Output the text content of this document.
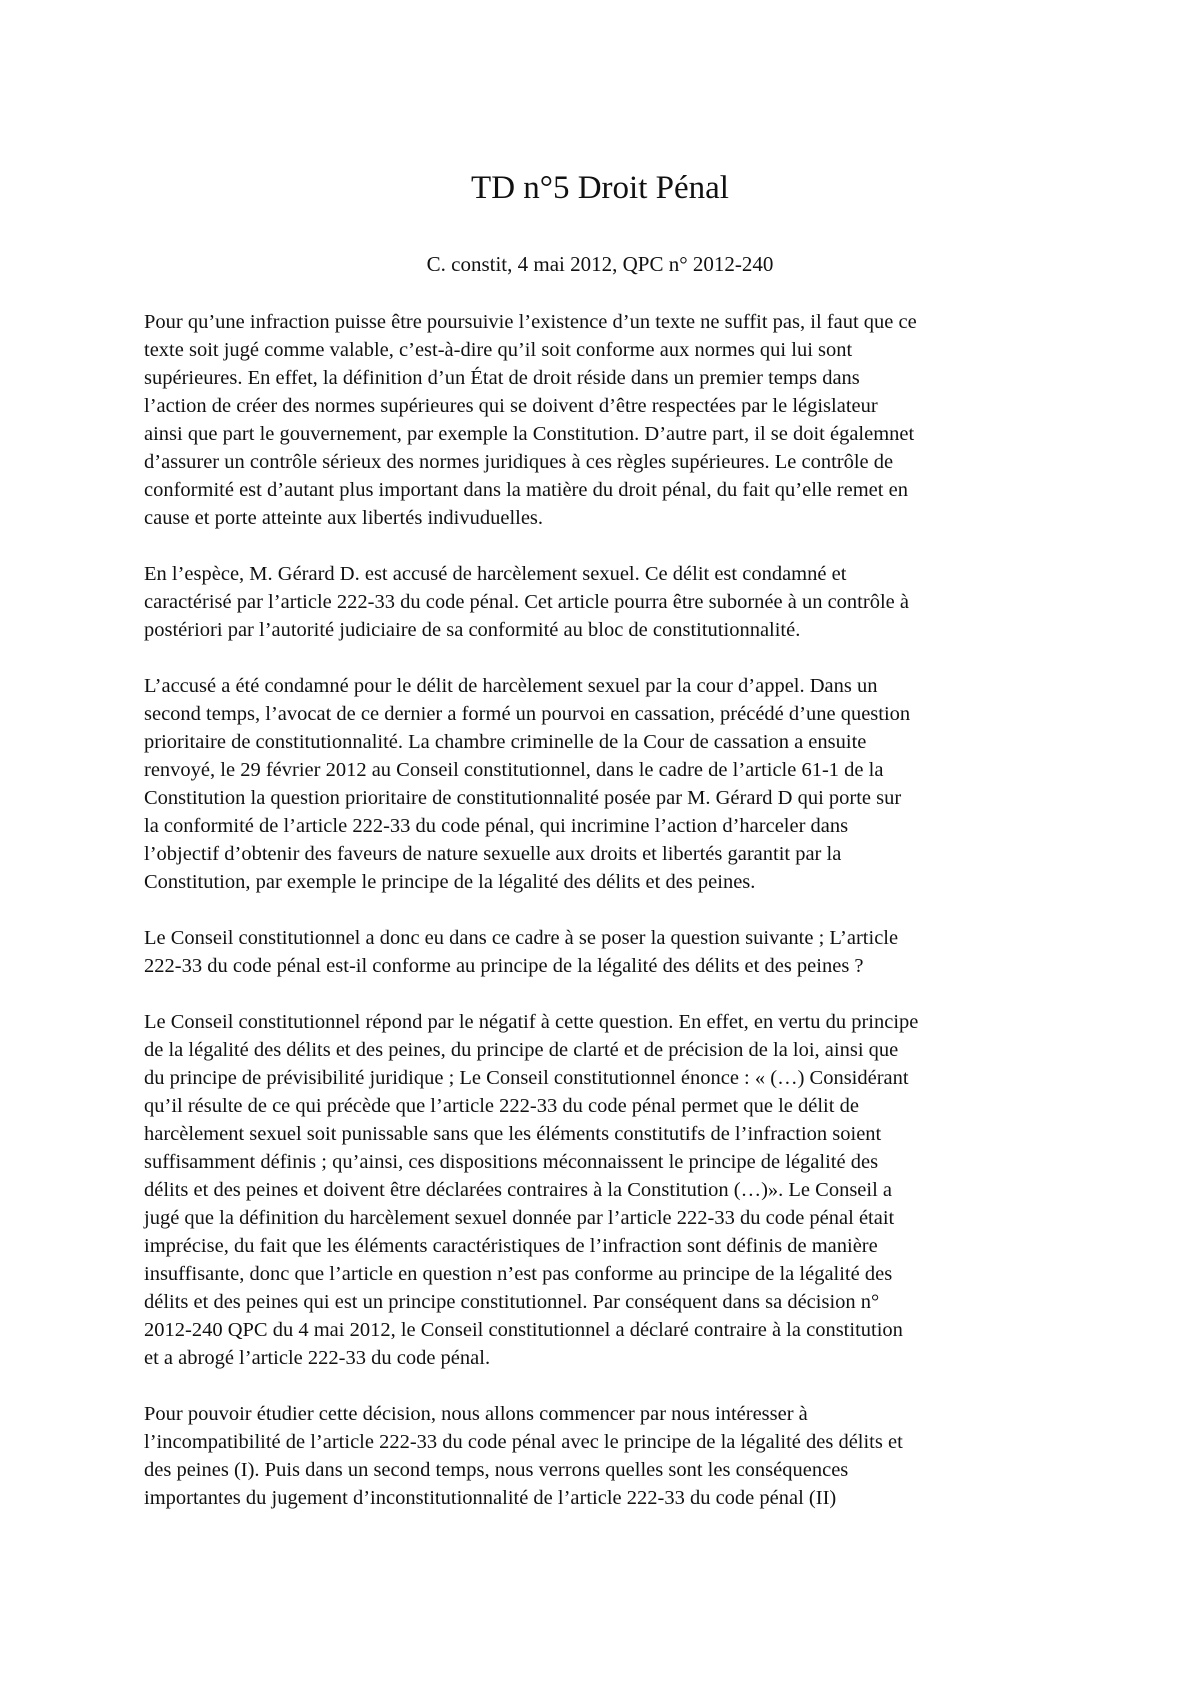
TD n°5 Droit Pénal

C. constit, 4 mai 2012, QPC n° 2012-240

Pour qu’une infraction puisse être poursuivie l’existence d’un texte ne suffit pas, il faut que ce
texte soit jugé comme valable, c’est-à-dire qu’il soit conforme aux normes qui lui sont
supérieures. En effet, la définition d’un État de droit réside dans un premier temps dans
l’action de créer des normes supérieures qui se doivent d’être respectées par le législateur
ainsi que part le gouvernement, par exemple la Constitution. D’autre part, il se doit égalemnet
d’assurer un contrôle sérieux des normes juridiques à ces règles supérieures. Le contrôle de
conformité est d’autant plus important dans la matière du droit pénal, du fait qu’elle remet en
cause et porte atteinte aux libertés indivuduelles.

En l’espèce, M. Gérard D. est accusé de harcèlement sexuel. Ce délit est condamné et
caractérisé par l’article 222-33 du code pénal. Cet article pourra être subornée à un contrôle à
postériori par l’autorité judiciaire de sa conformité au bloc de constitutionnalité.

L’accusé a été condamné pour le délit de harcèlement sexuel par la cour d’appel. Dans un
second temps, l’avocat de ce dernier a formé un pourvoi en cassation, précédé d’une question
prioritaire de constitutionnalité. La chambre criminelle de la Cour de cassation a ensuite
renvoyé, le 29 février 2012 au Conseil constitutionnel, dans le cadre de l’article 61-1 de la
Constitution la question prioritaire de constitutionnalité posée par M. Gérard D qui porte sur
la conformité de l’article 222-33 du code pénal, qui incrimine l’action d’harceler dans
l’objectif d’obtenir des faveurs de nature sexuelle aux droits et libertés garantit par la
Constitution, par exemple le principe de la légalité des délits et des peines.

Le Conseil constitutionnel a donc eu dans ce cadre à se poser la question suivante ; L’article
222-33 du code pénal est-il conforme au principe de la légalité des délits et des peines ?

Le Conseil constitutionnel répond par le négatif à cette question. En effet, en vertu du principe
de la légalité des délits et des peines, du principe de clarté et de précision de la loi, ainsi que
du principe de prévisibilité juridique ; Le Conseil constitutionnel énonce : « (…) Considérant
qu’il résulte de ce qui précède que l’article 222-33 du code pénal permet que le délit de
harcèlement sexuel soit punissable sans que les éléments constitutifs de l’infraction soient
suffisamment définis ; qu’ainsi, ces dispositions méconnaissent le principe de légalité des
délits et des peines et doivent être déclarées contraires à la Constitution (…)». Le Conseil a
jugé que la définition du harcèlement sexuel donnée par l’article 222-33 du code pénal était
imprécise, du fait que les éléments caractéristiques de l’infraction sont définis de manière
insuffisante, donc que l’article en question n’est pas conforme au principe de la légalité des
délits et des peines qui est un principe constitutionnel. Par conséquent dans sa décision n°
2012-240 QPC du 4 mai 2012, le Conseil constitutionnel a déclaré contraire à la constitution
et a abrogé l’article 222-33 du code pénal.

Pour pouvoir étudier cette décision, nous allons commencer par nous intéresser à
l’incompatibilité de l’article 222-33 du code pénal avec le principe de la légalité des délits et
des peines (I). Puis dans un second temps, nous verrons quelles sont les conséquences
importantes du jugement d’inconstitutionnalité de l’article 222-33 du code pénal (II)
